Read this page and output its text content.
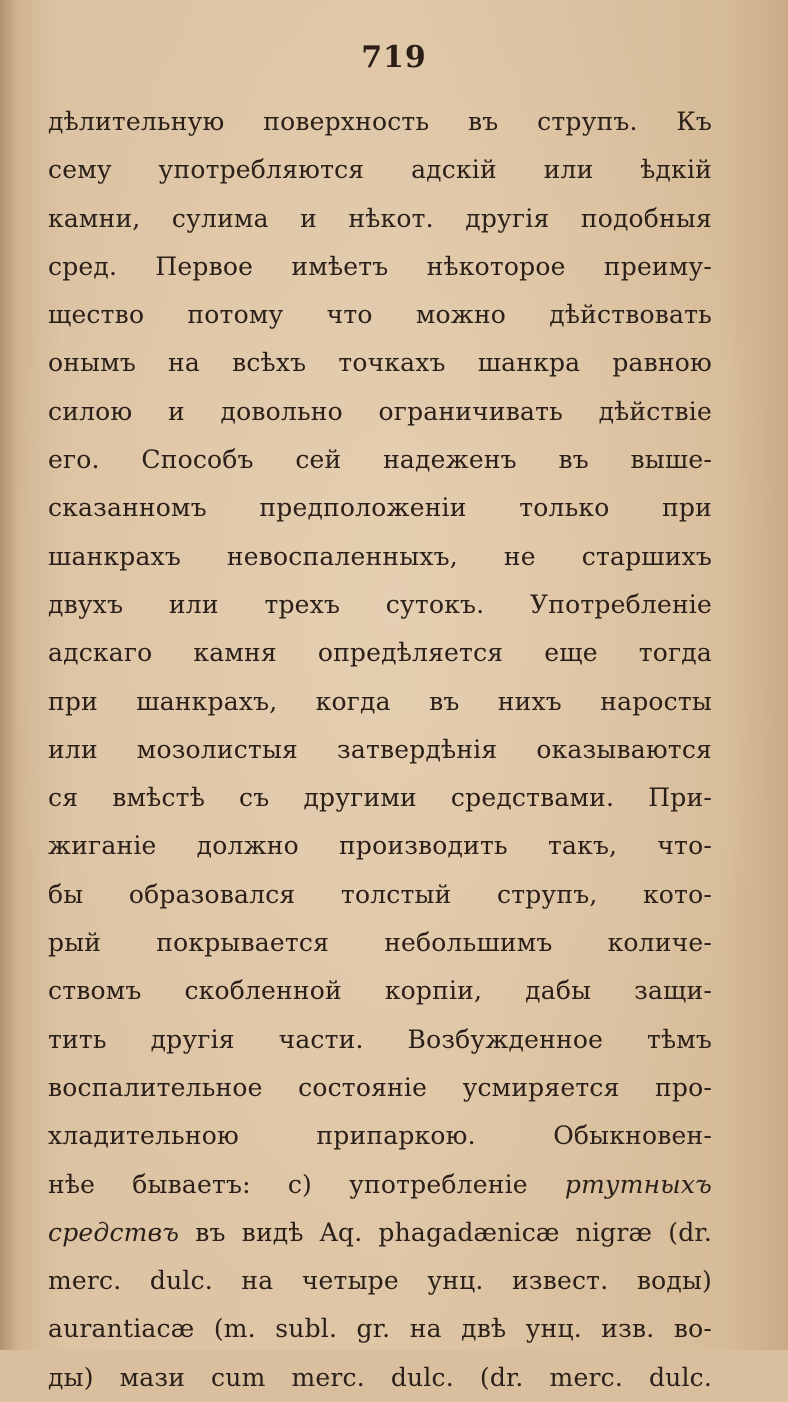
719
дѣлительную поверхность въ струпъ. Къ
сему употребляются адскій или ѣдкій
камни, сулима и нѣкот. другія подобныя
сред. Первое имѣетъ нѣкоторое преиму-
щество потому что можно дѣйствовать
онымъ на всѣхъ точкахъ шанкра равною
силою и довольно ограничивать дѣйствіе
его. Способъ сей надеженъ въ выше-
сказанномъ предположеніи только при
шанкрахъ невоспаленныхъ, не старшихъ
двухъ или трехъ сутокъ. Употребленіе
адскаго камня опредѣляется еще тогда
при шанкрахъ, когда въ нихъ наросты
или мозолистыя затвердѣнія оказываются
ся вмѣстѣ съ другими средствами. При-
жиганіе должно производить такъ, что-
бы образовался толстый струпъ, кото-
рый покрывается небольшимъ количе-
ствомъ скобленной корпіи, дабы защи-
тить другія части. Возбужденное тѣмъ
воспалительное состояніе усмиряется про-
хладительною припаркою. Обыкновен-
нѣе бываетъ: с) употребленіе ртутныхъ
средствъ въ видѣ Aq. phagadænicæ nigræ (dr.
merc. dulc. на четыре унц. извест. воды)
aurantiacæ (m. subl. gr. на двѣ унц. изв. во-
ды) мази cum merc. dulc. (dr. merc. dulc.
